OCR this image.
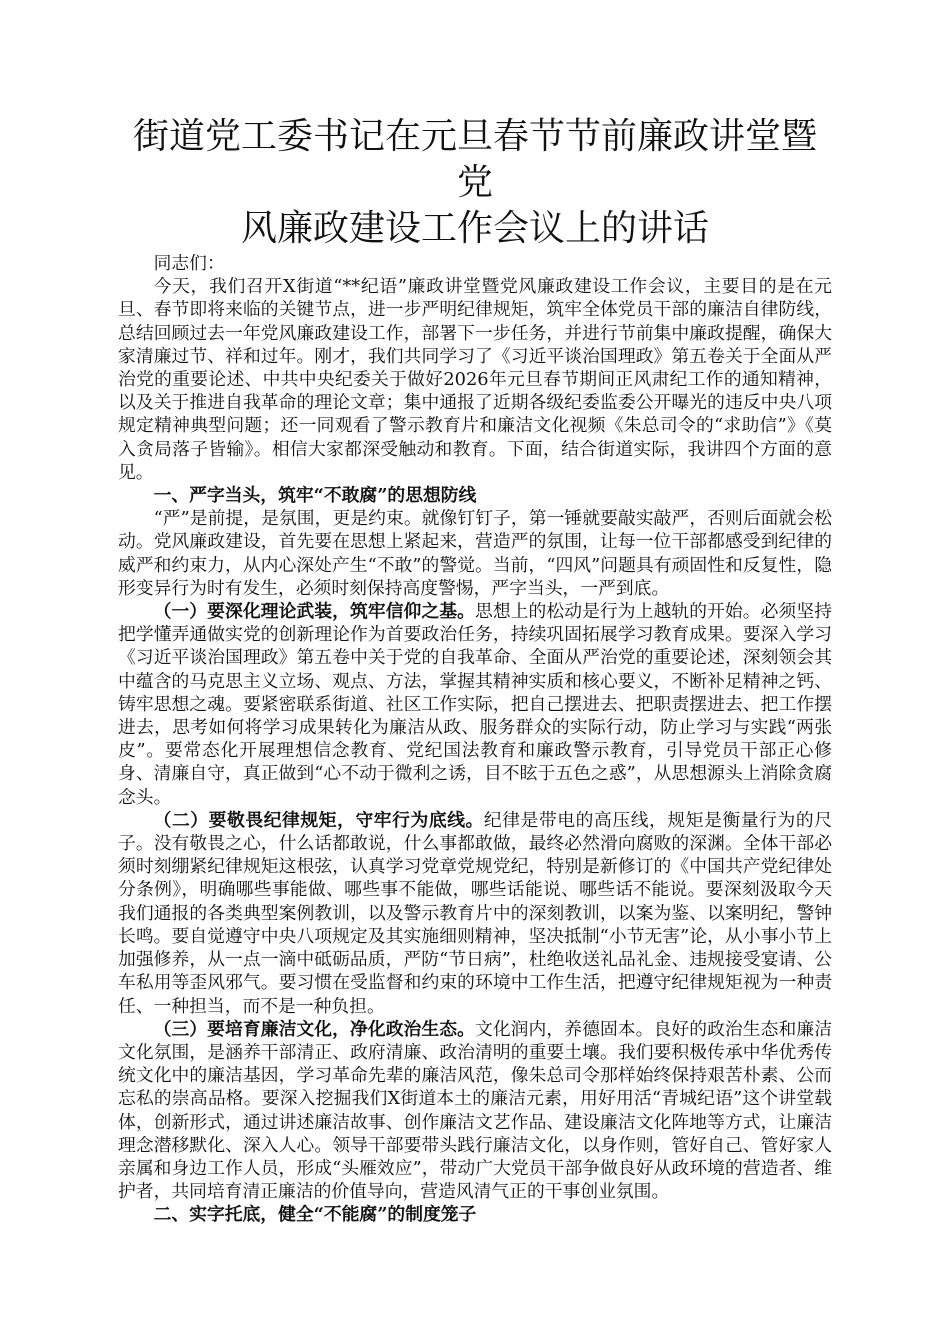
街道党工委书记在元旦春节节前廉政讲堂暨党
风廉政建设工作会议上的讲话

同志们：

今天，我们召开X街道“**纪语”廉政讲堂暨党风廉政建设工作会议，主要目的是在元旦、春节即将来临的关键节点，进一步严明纪律规矩，筑牢全体党员干部的廉洁自律防线，总结回顾过去一年党风廉政建设工作，部署下一步任务，并进行节前集中廉政提醒，确保大家清廉过节、祥和过年。刚才，我们共同学习了《习近平谈治国理政》第五卷关于全面从严治党的重要论述、中共中央纪委关于做好2026年元旦春节期间正风肃纪工作的通知精神，以及关于推进自我革命的理论文章；集中通报了近期各级纪委监委公开曝光的违反中央八项规定精神典型问题；还一同观看了警示教育片和廉洁文化视频《朱总司令的“求助信”》《莫入贪局落子皆输》。相信大家都深受触动和教育。下面，结合街道实际，我讲四个方面的意见。

一、严字当头，筑牢“不敢腐”的思想防线

“严”是前提，是氛围，更是约束。就像钉钉子，第一锤就要敲实敲严，否则后面就会松动。党风廉政建设，首先要在思想上紧起来，营造严的氛围，让每一位干部都感受到纪律的威严和约束力，从内心深处产生“不敢”的警觉。当前，“四风”问题具有顽固性和反复性，隐形变异行为时有发生，必须时刻保持高度警惕，严字当头，一严到底。

（一）要深化理论武装，筑牢信仰之基。思想上的松动是行为上越轨的开始。必须坚持把学懂弄通做实党的创新理论作为首要政治任务，持续巩固拓展学习教育成果。要深入学习《习近平谈治国理政》第五卷中关于党的自我革命、全面从严治党的重要论述，深刻领会其中蕴含的马克思主义立场、观点、方法，掌握其精神实质和核心要义，不断补足精神之钙、铸牢思想之魂。要紧密联系街道、社区工作实际，把自己摆进去、把职责摆进去、把工作摆进去，思考如何将学习成果转化为廉洁从政、服务群众的实际行动，防止学习与实践“两张皮”。要常态化开展理想信念教育、党纪国法教育和廉政警示教育，引导党员干部正心修身、清廉自守，真正做到“心不动于微利之诱，目不眩于五色之惑”，从思想源头上消除贪腐念头。

（二）要敬畏纪律规矩，守牢行为底线。纪律是带电的高压线，规矩是衡量行为的尺子。没有敬畏之心，什么话都敢说，什么事都敢做，最终必然滑向腐败的深渊。全体干部必须时刻绷紧纪律规矩这根弦，认真学习党章党规党纪，特别是新修订的《中国共产党纪律处分条例》，明确哪些事能做、哪些事不能做，哪些话能说、哪些话不能说。要深刻汲取今天我们通报的各类典型案例教训，以及警示教育片中的深刻教训，以案为鉴、以案明纪，警钟长鸣。要自觉遵守中央八项规定及其实施细则精神，坚决抵制“小节无害”论，从小事小节上加强修养，从一点一滴中砥砺品质，严防“节日病”，杜绝收送礼品礼金、违规接受宴请、公车私用等歪风邪气。要习惯在受监督和约束的环境中工作生活，把遵守纪律规矩视为一种责任、一种担当，而不是一种负担。

（三）要培育廉洁文化，净化政治生态。文化润内，养德固本。良好的政治生态和廉洁文化氛围，是涵养干部清正、政府清廉、政治清明的重要土壤。我们要积极传承中华优秀传统文化中的廉洁基因，学习革命先辈的廉洁风范，像朱总司令那样始终保持艰苦朴素、公而忘私的崇高品格。要深入挖掘我们X街道本土的廉洁元素，用好用活“青城纪语”这个讲堂载体，创新形式，通过讲述廉洁故事、创作廉洁文艺作品、建设廉洁文化阵地等方式，让廉洁理念潜移默化、深入人心。领导干部要带头践行廉洁文化，以身作则，管好自己、管好家人亲属和身边工作人员，形成“头雁效应”，带动广大党员干部争做良好从政环境的营造者、维护者，共同培育清正廉洁的价值导向，营造风清气正的干事创业氛围。

二、实字托底，健全“不能腐”的制度笼子
